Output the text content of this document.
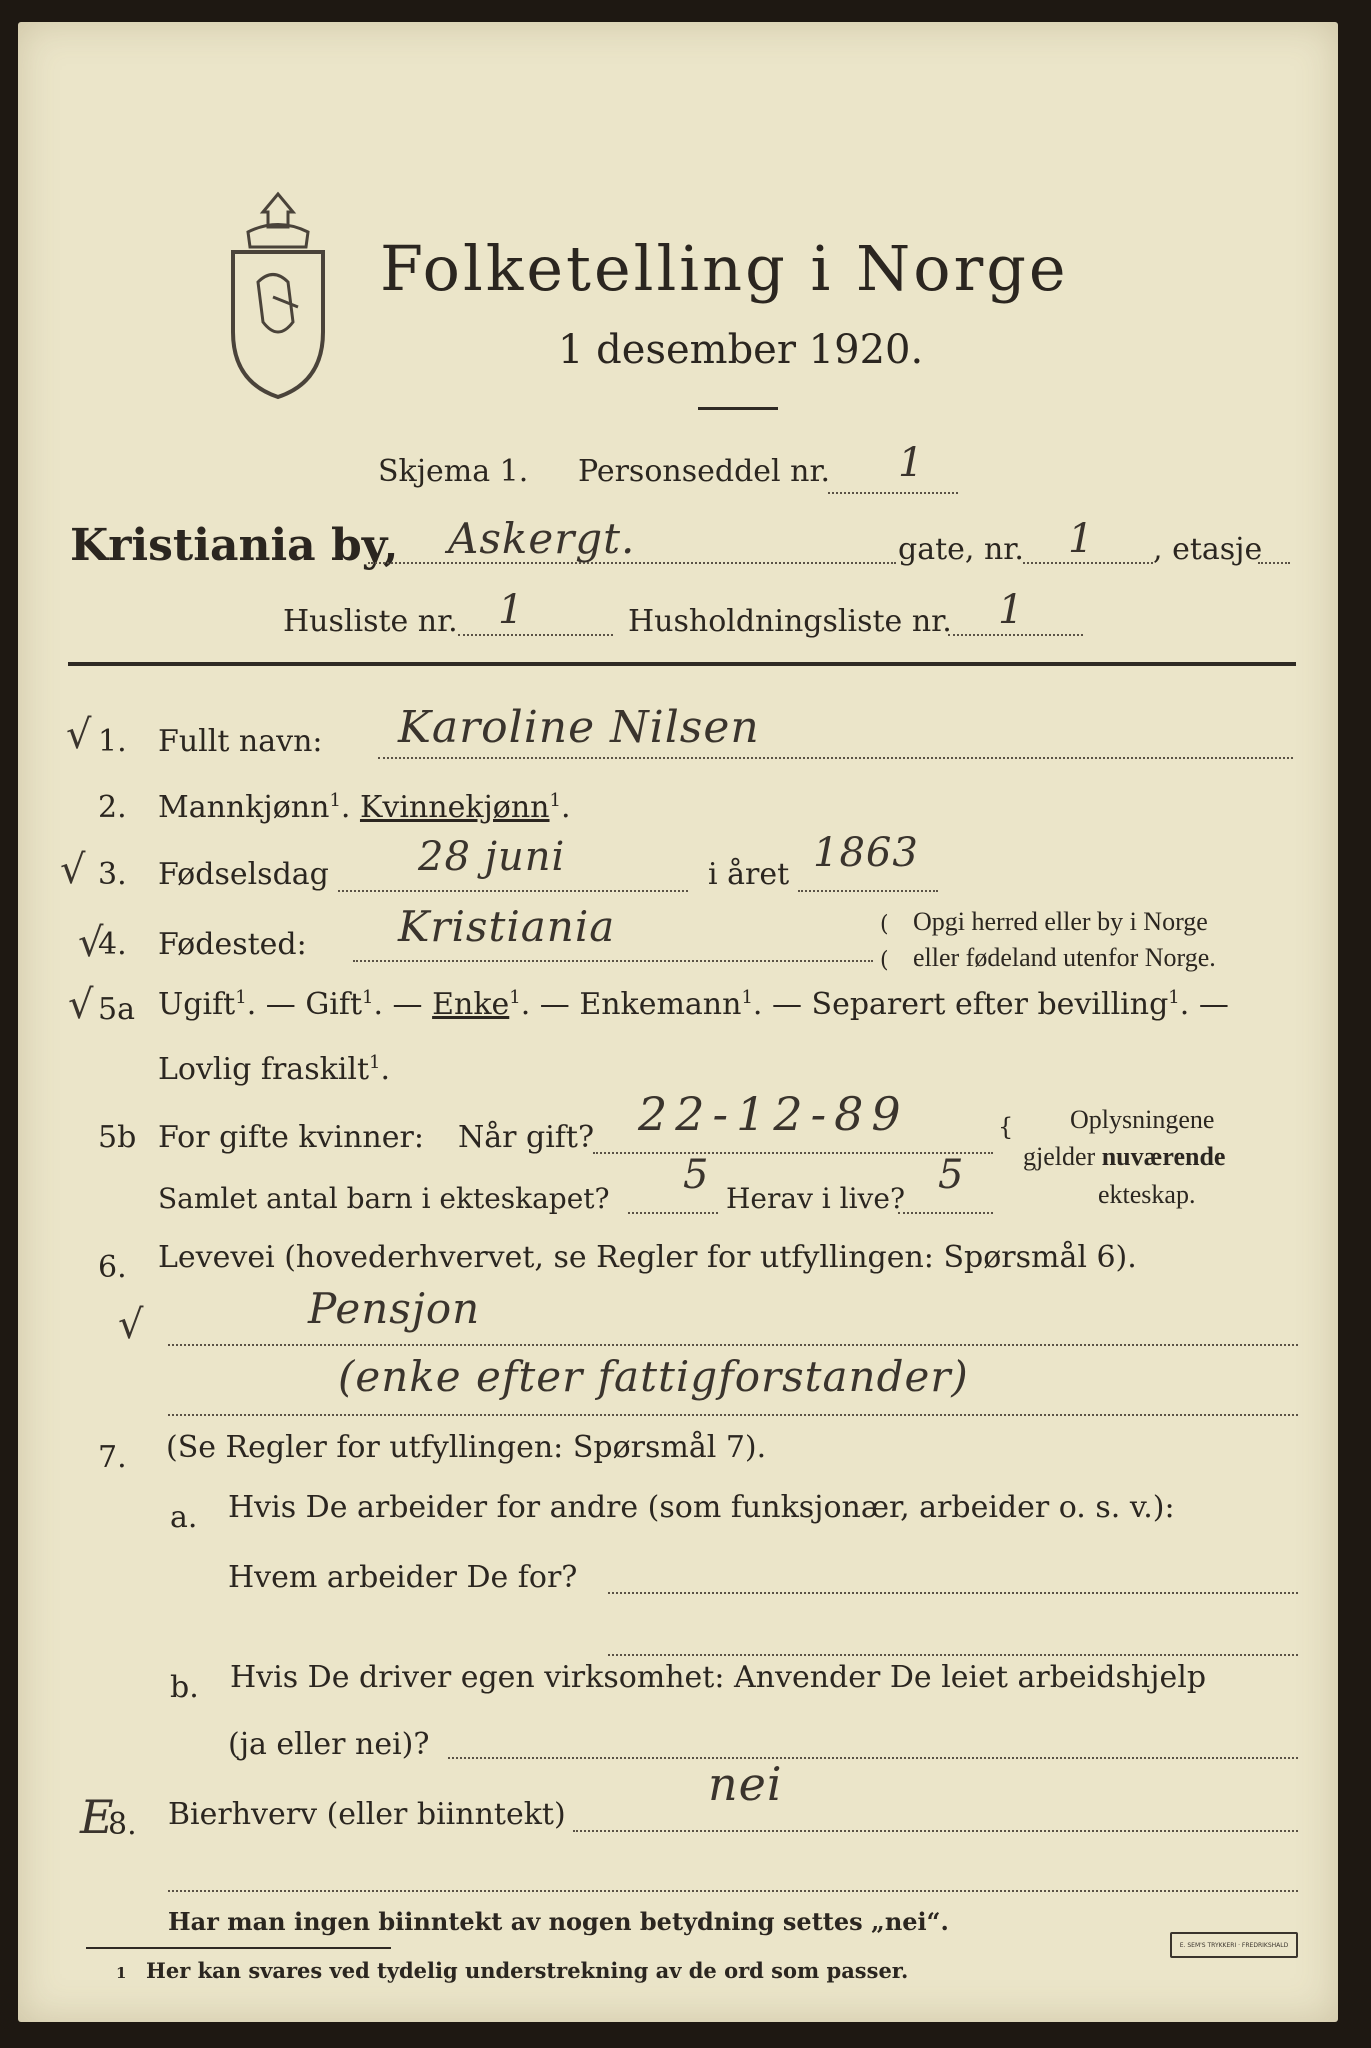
Folketelling i Norge
1 desember 1920.
Skjema 1. Personseddel nr. 1
Kristiania by, Askergt.	gate, nr. 1 , etasje
Husliste nr. 1	Husholdningsliste nr. 1
√ 1. Fullt navn: Karoline Nilsen
2. Mannkjønn$^1$. Kvinnekjønn$^1$.
√ 3. Fødselsdag 28 juni	i året 1863
√
4. Fødested: Kristiania	(
(
Opgi herred eller by i Norge
eller fødeland utenfor Norge.
√ 5a Ugift$^1$. — Gift$^1$. — Enke$^1$. — Enkemann$^1$. — Separert efter bevilling$^1$. —
Lovlig fraskilt$^1$.
5b For gifte kvinner: Når gift? 22-12-89	{ Oplysningene
gjelder nuværende
ekteskap.
Samlet antal barn i ekteskapet?
5
Herav i live?
5
6. Levevei (hovederhvervet, se Regler for utfyllingen: Spørsmål 6).
√	Pensjon
(enke efter fattigforstander)
7. (Se Regler for utfyllingen: Spørsmål 7).
a. Hvis De arbeider for andre (som funksjonær, arbeider o. s. v.):
Hvem arbeider De for?
b. Hvis De driver egen virksomhet: Anvender De leiet arbeidshjelp
(ja eller nei)?
E
8. Bierhverv (eller biinntekt)
nei
Har man ingen biinntekt av nogen betydning settes „nei“.
1 Her kan svares ved tydelig understrekning av de ord som passer.
E. SEM'S TRYKKERI · FREDRIKSHALD
